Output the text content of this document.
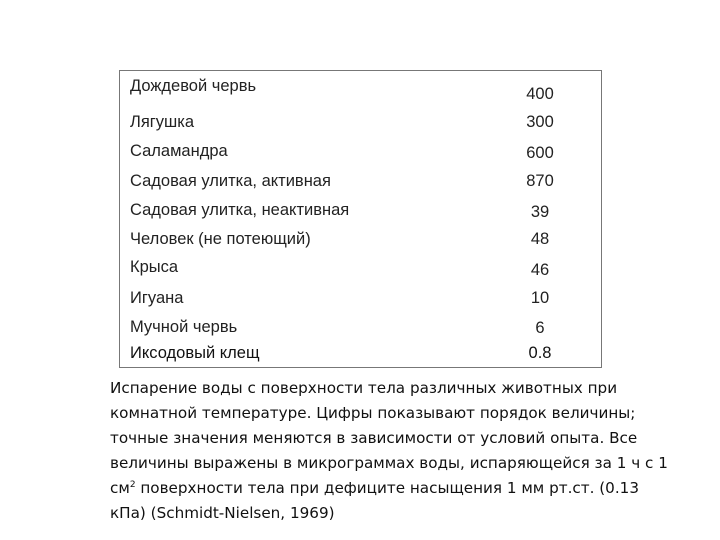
Дождевой червь	400
Лягушка	300
Саламандра	600
Садовая улитка, активная	870
Садовая улитка, неактивная	39
Человек (не потеющий)	48
Крыса	46
Игуана	10
Мучной червь	6
Иксодовый клещ	0.8

Испарение воды с поверхности тела различных животных при комнатной температуре. Цифры показывают порядок величины; точные значения меняются в зависимости от условий опыта. Все величины выражены в микрограммах воды, испаряющейся за 1 ч с 1 $см^2$ поверхности тела при дефиците насыщения 1 мм рт.ст. (0.13 кПа) (Schmidt-Nielsen, 1969)
